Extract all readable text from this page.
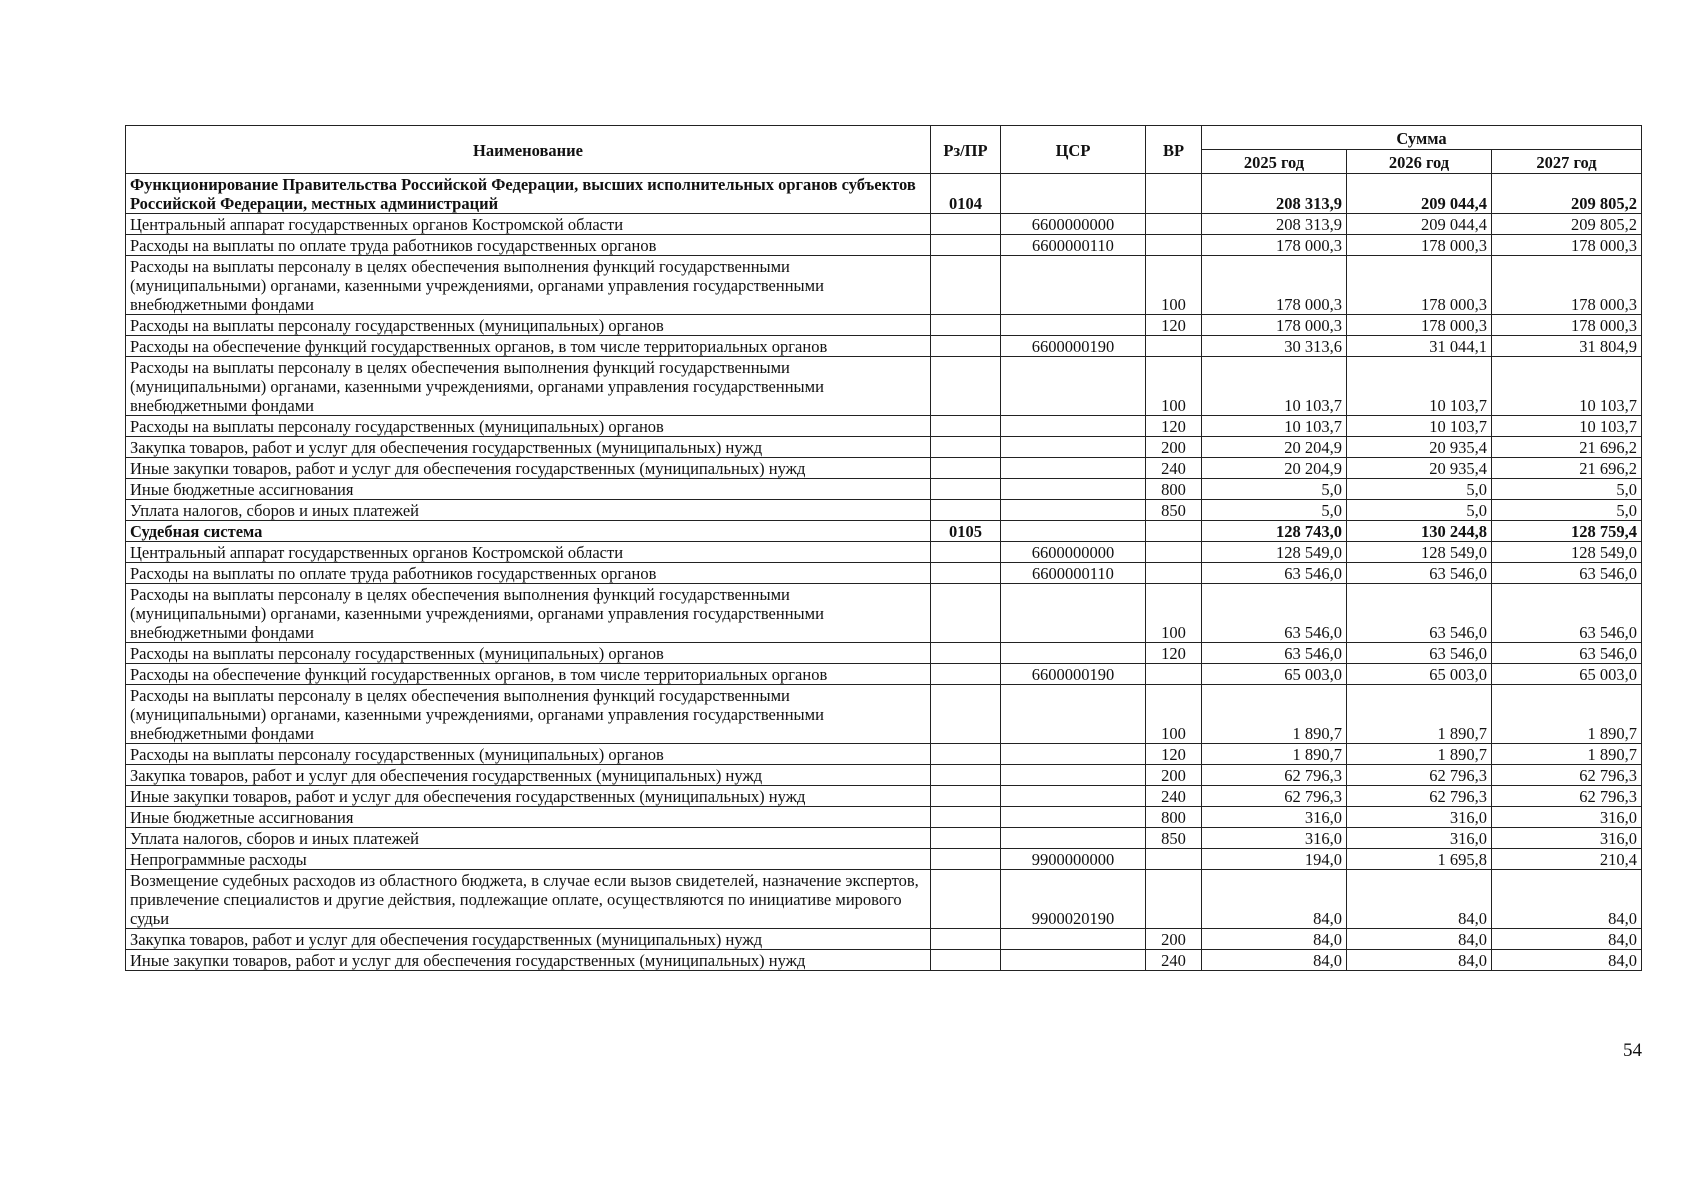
Наименование	Рз/ПР	ЦСР	ВР	Сумма		
				2025 год	2026 год	2027 год
Функционирование Правительства Российской Федерации, высших исполнительных органов субъектов Российской Федерации, местных администраций	0104			208 313,9	209 044,4	209 805,2
Центральный аппарат государственных органов Костромской области		6600000000		208 313,9	209 044,4	209 805,2
Расходы на выплаты по оплате труда работников государственных органов		6600000110		178 000,3	178 000,3	178 000,3
Расходы на выплаты персоналу в целях обеспечения выполнения функций государственными (муниципальными) органами, казенными учреждениями, органами управления государственными внебюджетными фондами			100	178 000,3	178 000,3	178 000,3
Расходы на выплаты персоналу государственных (муниципальных) органов			120	178 000,3	178 000,3	178 000,3
Расходы на обеспечение функций государственных органов, в том числе территориальных органов		6600000190		30 313,6	31 044,1	31 804,9
Расходы на выплаты персоналу в целях обеспечения выполнения функций государственными (муниципальными) органами, казенными учреждениями, органами управления государственными внебюджетными фондами			100	10 103,7	10 103,7	10 103,7
Расходы на выплаты персоналу государственных (муниципальных) органов			120	10 103,7	10 103,7	10 103,7
Закупка товаров, работ и услуг для обеспечения государственных (муниципальных) нужд			200	20 204,9	20 935,4	21 696,2
Иные закупки товаров, работ и услуг для обеспечения государственных (муниципальных) нужд			240	20 204,9	20 935,4	21 696,2
Иные бюджетные ассигнования			800	5,0	5,0	5,0
Уплата налогов, сборов и иных платежей			850	5,0	5,0	5,0
Судебная система	0105			128 743,0	130 244,8	128 759,4
Центральный аппарат государственных органов Костромской области		6600000000		128 549,0	128 549,0	128 549,0
Расходы на выплаты по оплате труда работников государственных органов		6600000110		63 546,0	63 546,0	63 546,0
Расходы на выплаты персоналу в целях обеспечения выполнения функций государственными (муниципальными) органами, казенными учреждениями, органами управления государственными внебюджетными фондами			100	63 546,0	63 546,0	63 546,0
Расходы на выплаты персоналу государственных (муниципальных) органов			120	63 546,0	63 546,0	63 546,0
Расходы на обеспечение функций государственных органов, в том числе территориальных органов		6600000190		65 003,0	65 003,0	65 003,0
Расходы на выплаты персоналу в целях обеспечения выполнения функций государственными (муниципальными) органами, казенными учреждениями, органами управления государственными внебюджетными фондами			100	1 890,7	1 890,7	1 890,7
Расходы на выплаты персоналу государственных (муниципальных) органов			120	1 890,7	1 890,7	1 890,7
Закупка товаров, работ и услуг для обеспечения государственных (муниципальных) нужд			200	62 796,3	62 796,3	62 796,3
Иные закупки товаров, работ и услуг для обеспечения государственных (муниципальных) нужд			240	62 796,3	62 796,3	62 796,3
Иные бюджетные ассигнования			800	316,0	316,0	316,0
Уплата налогов, сборов и иных платежей			850	316,0	316,0	316,0
Непрограммные расходы		9900000000		194,0	1 695,8	210,4
Возмещение судебных расходов из областного бюджета, в случае если вызов свидетелей, назначение экспертов, привлечение специалистов и другие действия, подлежащие оплате, осуществляются по инициативе мирового судьи		9900020190		84,0	84,0	84,0
Закупка товаров, работ и услуг для обеспечения государственных (муниципальных) нужд			200	84,0	84,0	84,0
Иные закупки товаров, работ и услуг для обеспечения государственных (муниципальных) нужд			240	84,0	84,0	84,0
54
